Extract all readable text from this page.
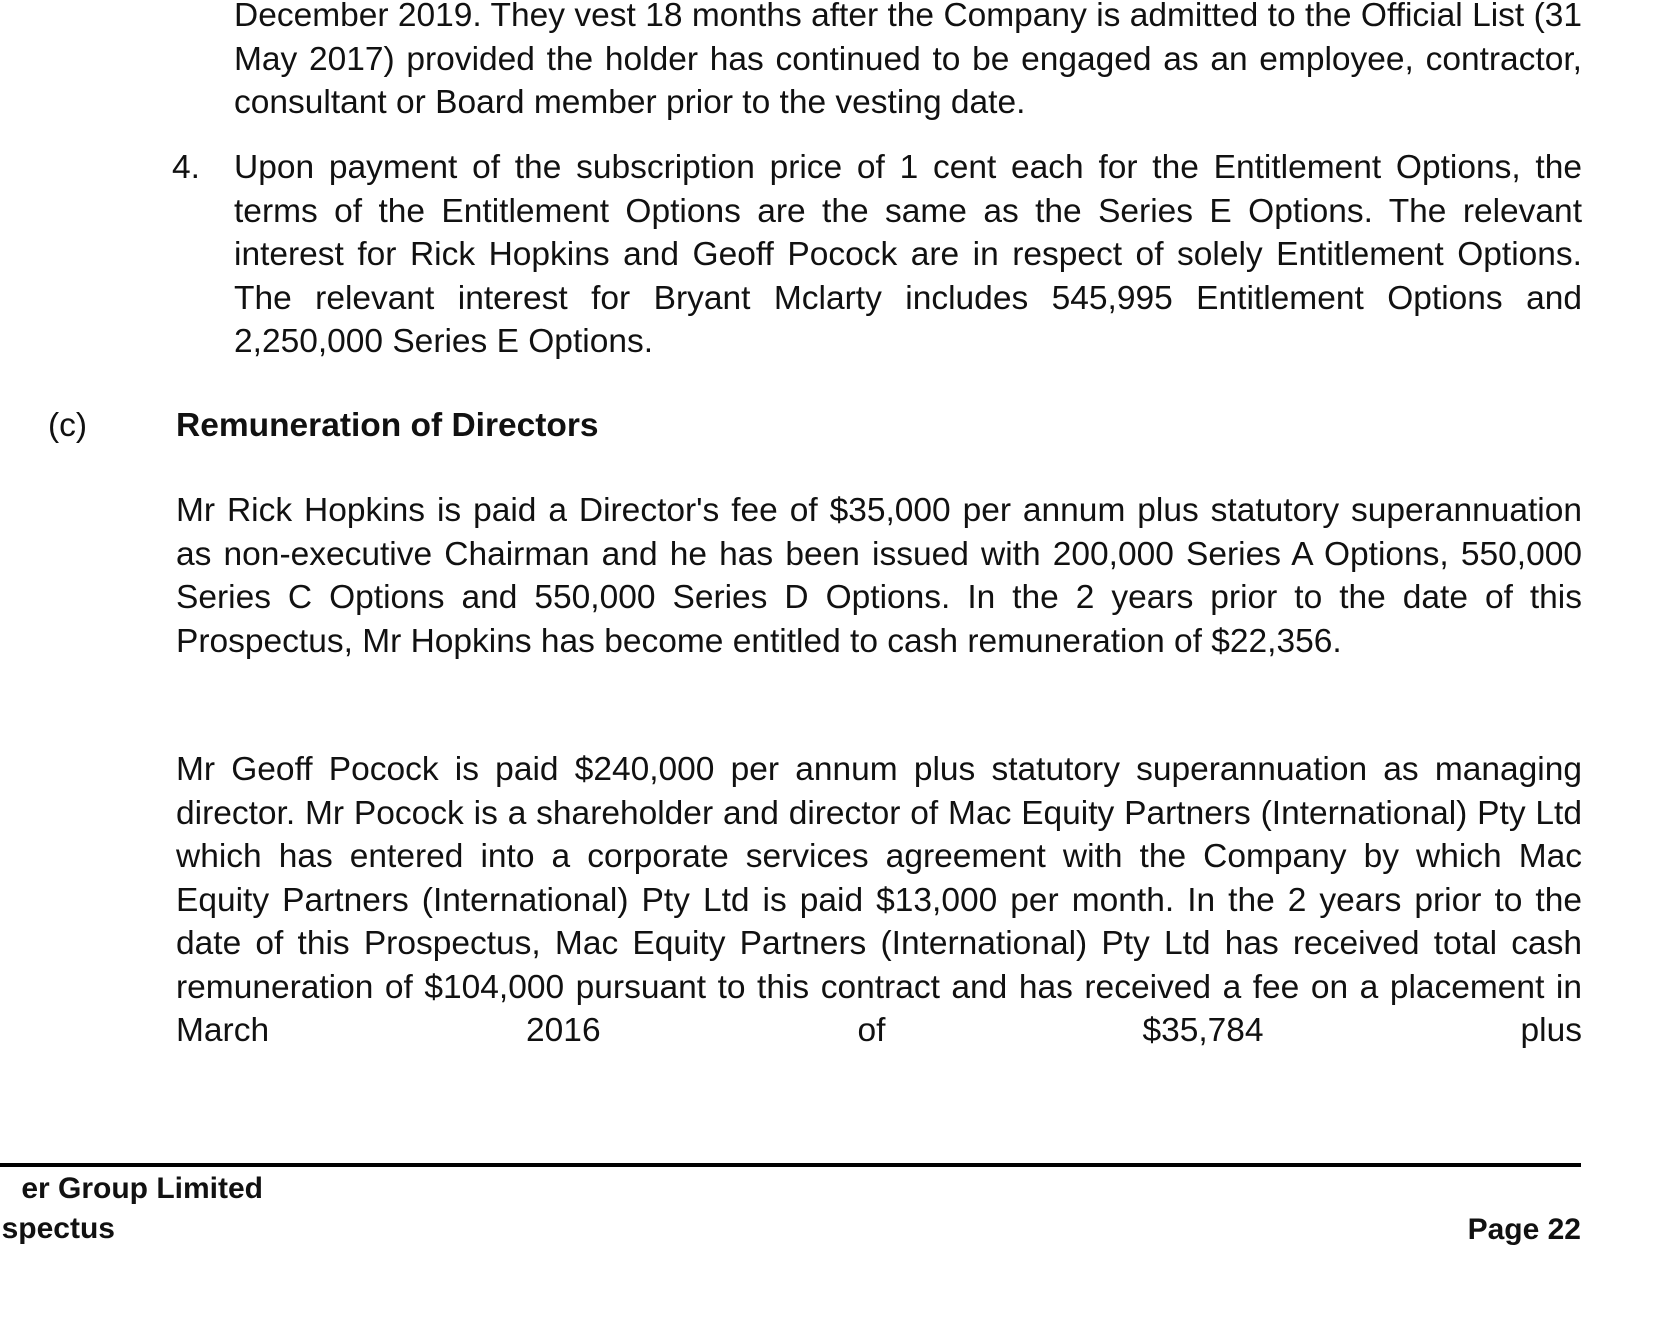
December 2019. They vest 18 months after the Company is admitted to the Official List (31 May 2017) provided the holder has continued to be engaged as an employee, contractor, consultant or Board member prior to the vesting date.

4. Upon payment of the subscription price of 1 cent each for the Entitlement Options, the terms of the Entitlement Options are the same as the Series E Options. The relevant interest for Rick Hopkins and Geoff Pocock are in respect of solely Entitlement Options. The relevant interest for Bryant Mclarty includes 545,995 Entitlement Options and 2,250,000 Series E Options.

(c)	Remuneration of Directors

Mr Rick Hopkins is paid a Director's fee of $35,000 per annum plus statutory superannuation as non-executive Chairman and he has been issued with 200,000 Series A Options, 550,000 Series C Options and 550,000 Series D Options. In the 2 years prior to the date of this Prospectus, Mr Hopkins has become entitled to cash remuneration of $22,356.

Mr Geoff Pocock is paid $240,000 per annum plus statutory superannuation as managing director. Mr Pocock is a shareholder and director of Mac Equity Partners (International) Pty Ltd which has entered into a corporate services agreement with the Company by which Mac Equity Partners (International) Pty Ltd is paid $13,000 per month. In the 2 years prior to the date of this Prospectus, Mac Equity Partners (International) Pty Ltd has received total cash remuneration of $104,000 pursuant to this contract and has received a fee on a placement in March 2016 of $35,784 plus

er Group Limited
spectus	Page 22
